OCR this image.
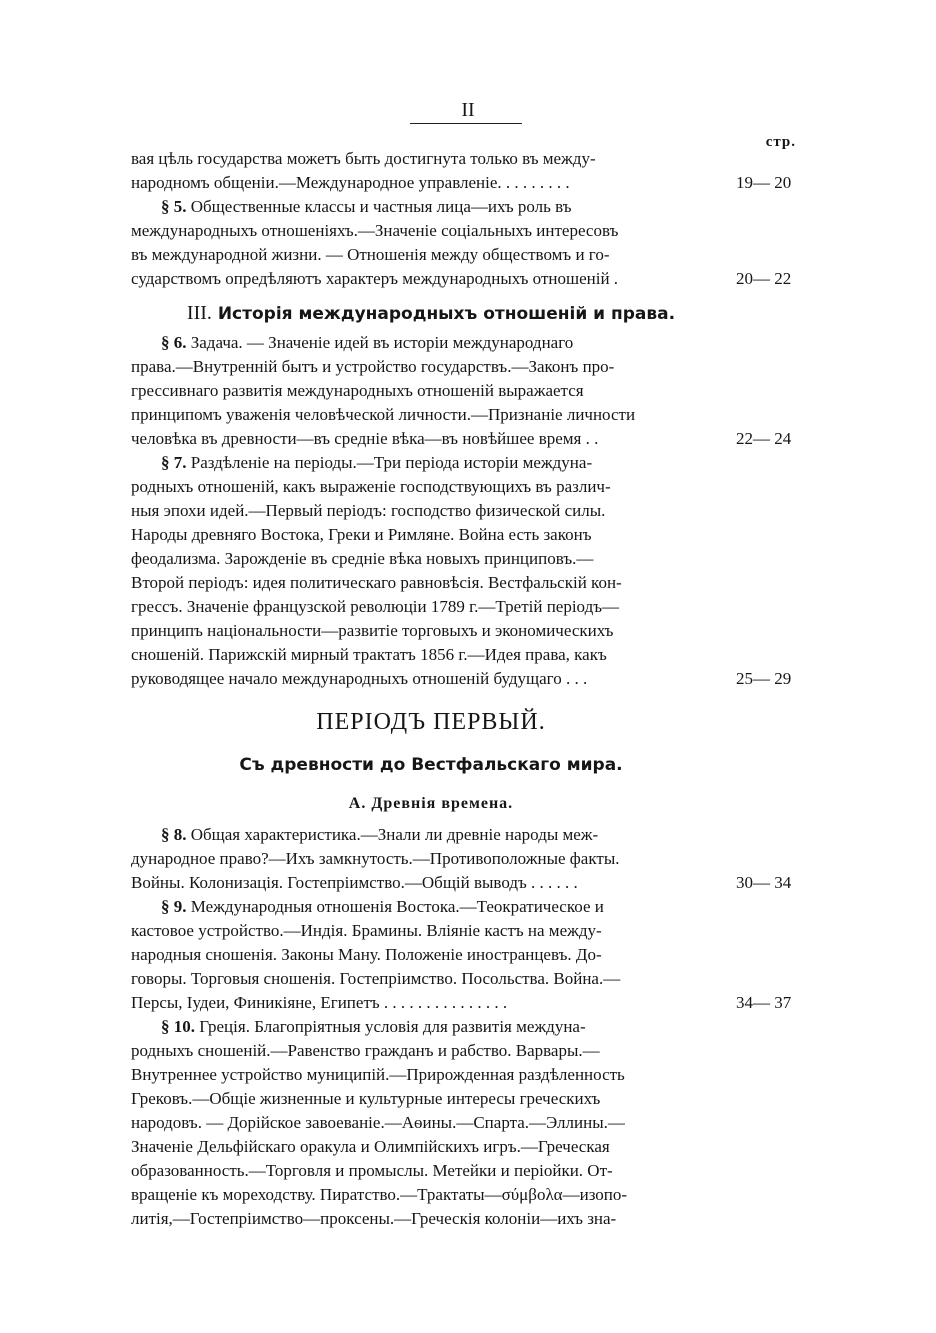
II
стр.
вая цѣль государства можетъ быть достигнута только въ между-
народномъ общеніи.—Международное управленіе. . . . . . . . .	19— 20
§ 5. Общественные классы и частныя лица—ихъ роль въ
международныхъ отношеніяхъ.—Значеніе соціальныхъ интересовъ
въ международной жизни. — Отношенія между обществомъ и го-
сударствомъ опредѣляютъ характеръ международныхъ отношеній .	20— 22
III. Исторія международныхъ отношеній и права.
§ 6. Задача. — Значеніе идей въ исторіи международнаго
права.—Внутренній бытъ и устройство государствъ.—Законъ про-
грессивнаго развитія международныхъ отношеній выражается
принципомъ уваженія человѣческой личности.—Признаніе личности
человѣка въ древности—въ средніе вѣка—въ новѣйшее время . .	22— 24
§ 7. Раздѣленіе на періоды.—Три періода исторіи междуна-
родныхъ отношеній, какъ выраженіе господствующихъ въ различ-
ныя эпохи идей.—Первый періодъ: господство физической силы.
Народы древняго Востока, Греки и Римляне. Война есть законъ
феодализма. Зарожденіе въ средніе вѣка новыхъ принциповъ.—
Второй періодъ: идея политическаго равновѣсія. Вестфальскій кон-
грессъ. Значеніе французской революціи 1789 г.—Третій періодъ—
принципъ національности—развитіе торговыхъ и экономическихъ
сношеній. Парижскій мирный трактатъ 1856 г.—Идея права, какъ
руководящее начало международныхъ отношеній будущаго . . .	25— 29
ПЕРІОДЪ ПЕРВЫЙ.
Съ древности до Вестфальскаго мира.
А. Древнія времена.
§ 8. Общая характеристика.—Знали ли древніе народы меж-
дународное право?—Ихъ замкнутость.—Противоположные факты.
Войны. Колонизація. Гостепріимство.—Общій выводъ . . . . . .	30— 34
§ 9. Международныя отношенія Востока.—Теократическое и
кастовое устройство.—Индія. Брамины. Вліяніе кастъ на между-
народныя сношенія. Законы Ману. Положеніе иностранцевъ. До-
говоры. Торговыя сношенія. Гостепріимство. Посольства. Война.—
Персы, Іудеи, Финикіяне, Египетъ . . . . . . . . . . . . . . .	34— 37
§ 10. Греція. Благопріятныя условія для развитія междуна-
родныхъ сношеній.—Равенство гражданъ и рабство. Варвары.—
Внутреннее устройство муниципій.—Прирожденная раздѣленность
Грековъ.—Общіе жизненные и культурные интересы греческихъ
народовъ. — Дорійское завоеваніе.—Аѳины.—Спарта.—Эллины.—
Значеніе Дельфійскаго оракула и Олимпійскихъ игръ.—Греческая
образованность.—Торговля и промыслы. Метейки и періойки. От-
вращеніе къ мореходству. Пиратство.—Трактаты—σύμβολα—изопо-
литія,—Гостепріимство—проксены.—Греческія колоніи—ихъ зна-
